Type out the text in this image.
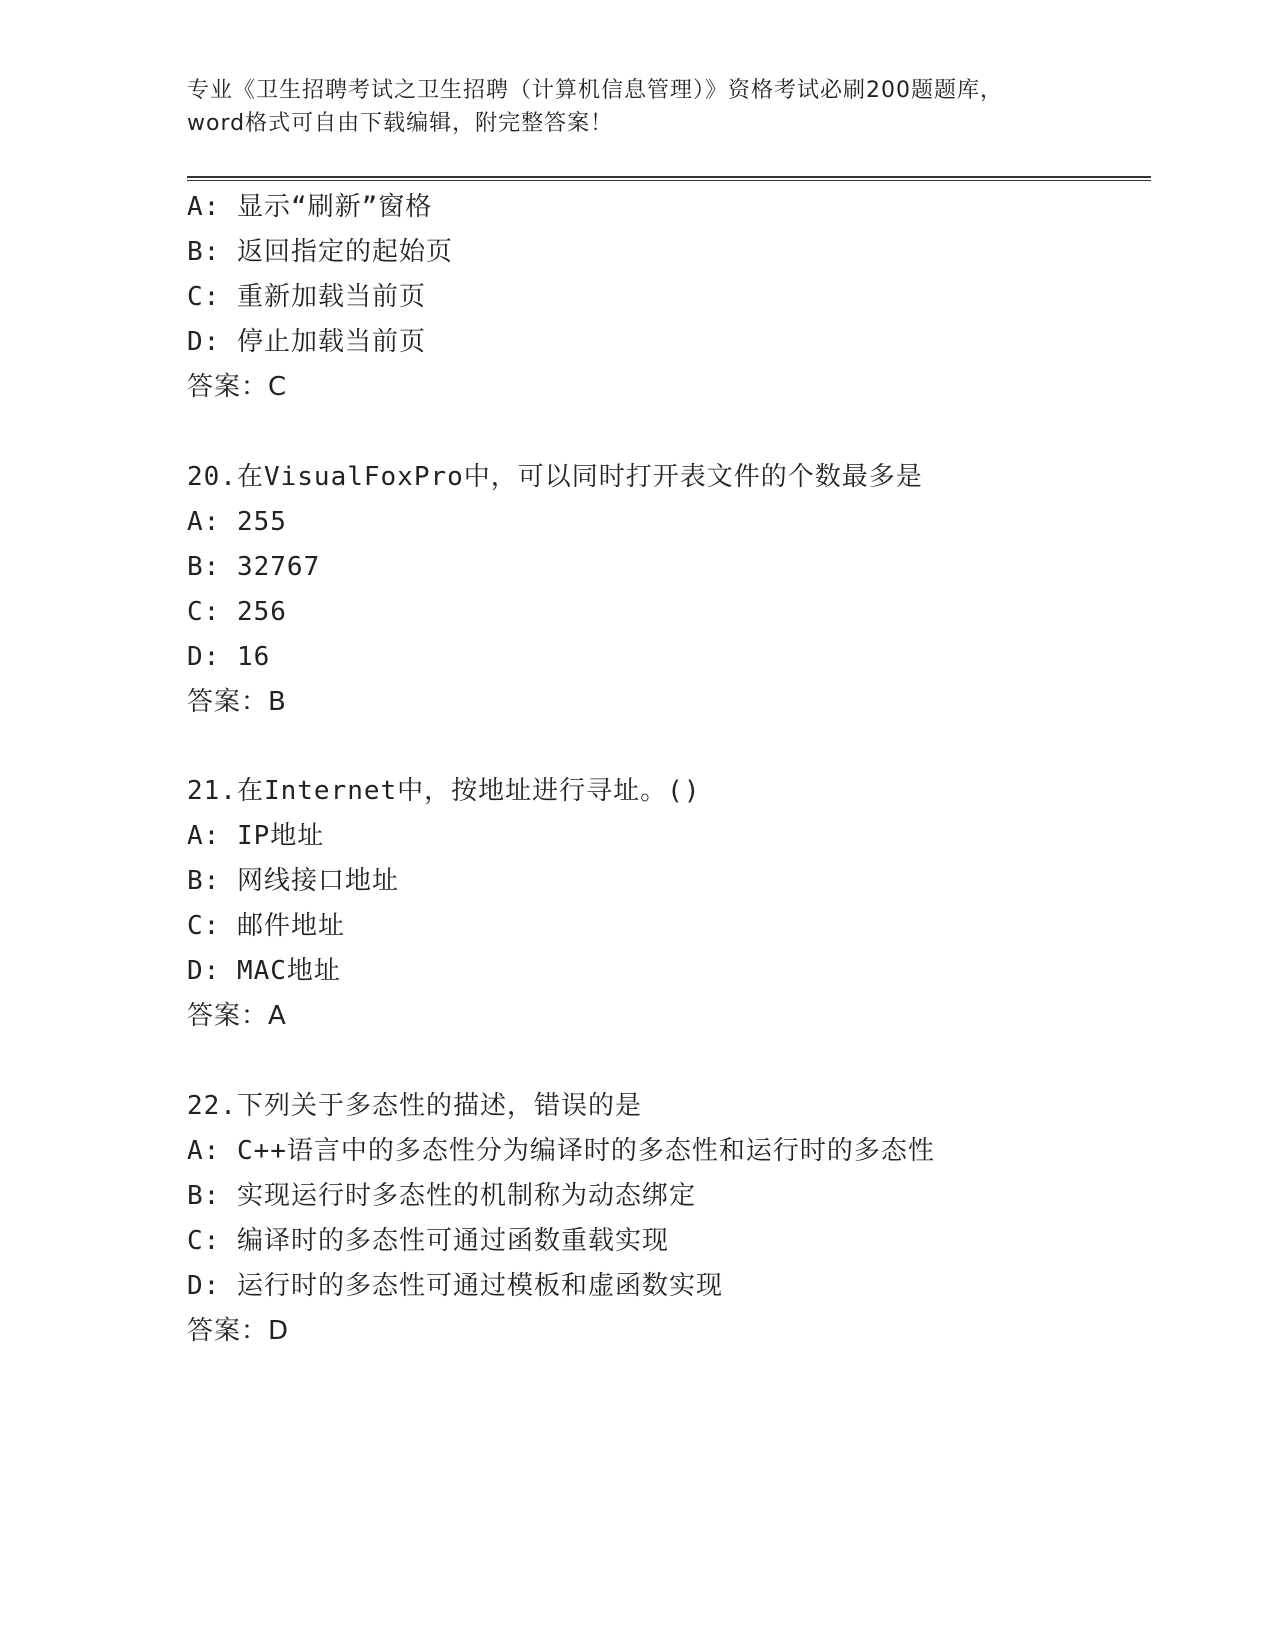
专业《卫生招聘考试之卫生招聘（计算机信息管理）》资格考试必刷200题题库，
word格式可自由下载编辑，附完整答案！
A: 显示“刷新”窗格
B: 返回指定的起始页
C: 重新加载当前页
D: 停止加载当前页
答案：C
20.在VisualFoxPro中，可以同时打开表文件的个数最多是
A: 255
B: 32767
C: 256
D: 16
答案：B
21.在Internet中，按地址进行寻址。()
A: IP地址
B: 网线接口地址
C: 邮件地址
D: MAC地址
答案：A
22.下列关于多态性的描述，错误的是
A: C++语言中的多态性分为编译时的多态性和运行时的多态性
B: 实现运行时多态性的机制称为动态绑定
C: 编译时的多态性可通过函数重载实现
D: 运行时的多态性可通过模板和虚函数实现
答案：D
